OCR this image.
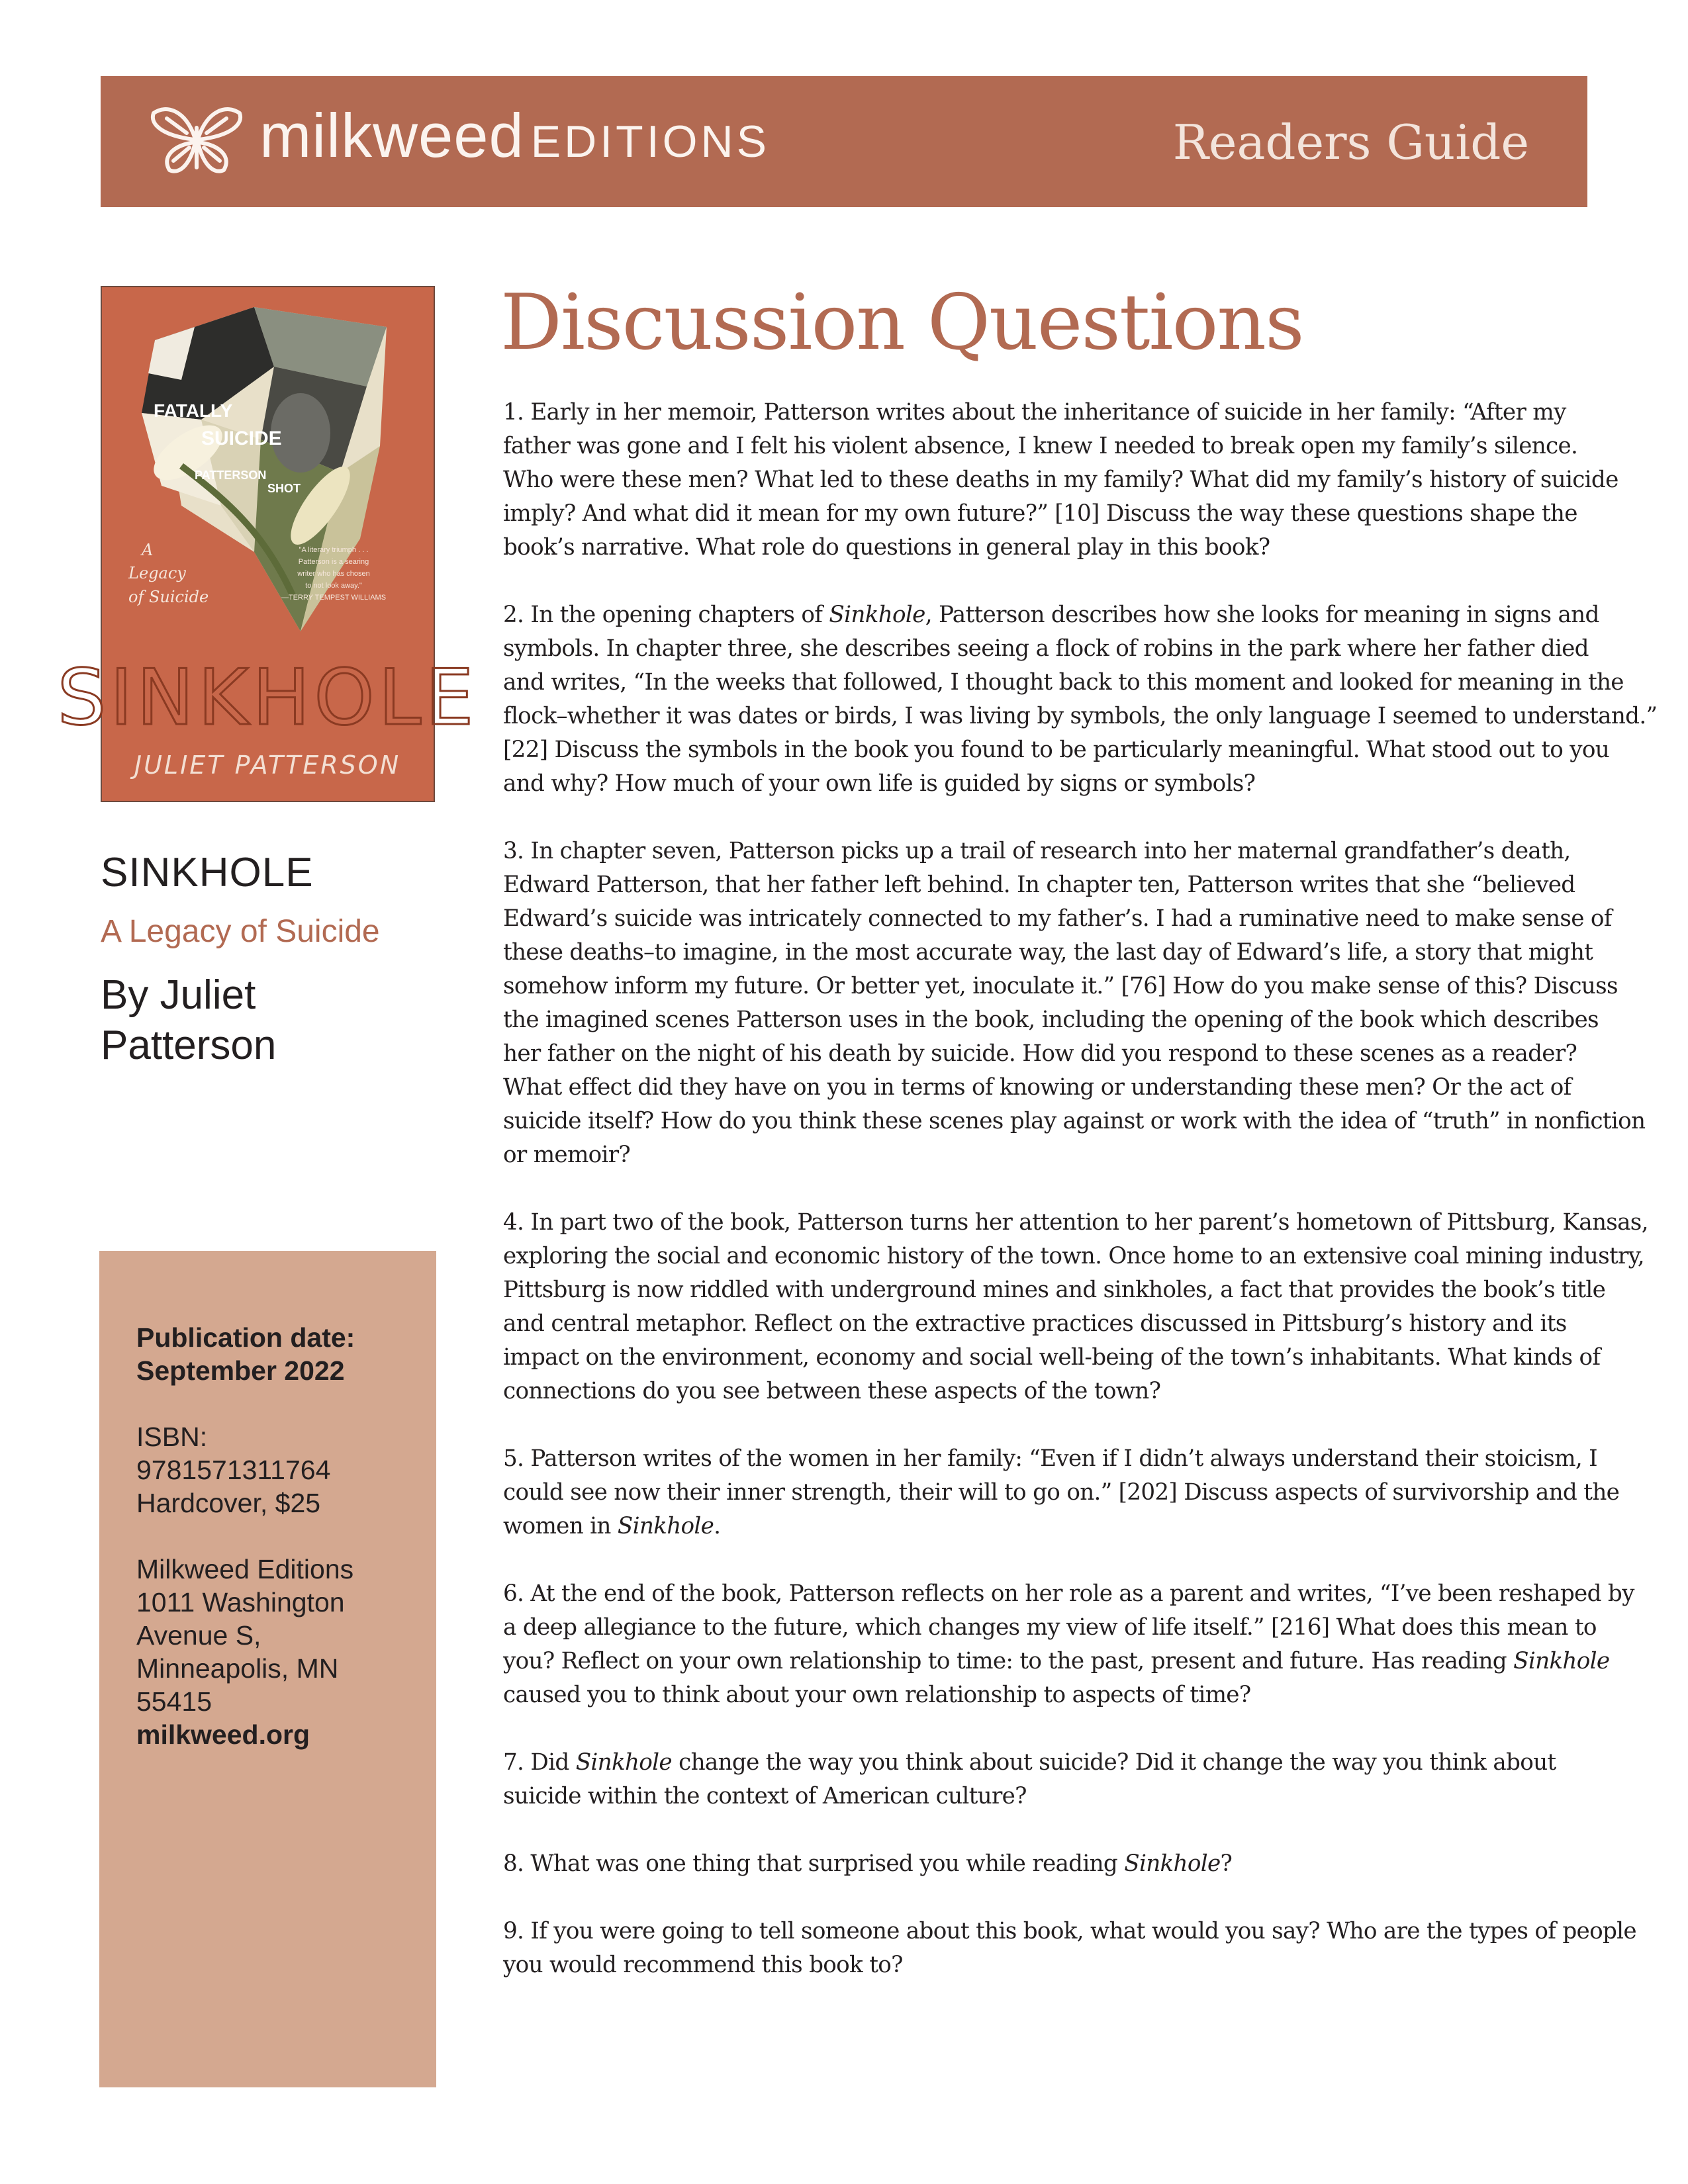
milkweed EDITIONS	Readers Guide
FATALLY
SUICIDE
PATTERSON
SHOT
A
Legacy
of Suicide
"A literary triumph . . .
Patterson is a searing
writer who has chosen
to not look away."
—TERRY TEMPEST WILLIAMS
SINKHOLE
JULIET PATTERSON
SINKHOLE
A Legacy of Suicide
By Juliet
Patterson
Publication date:
September 2022
ISBN:
9781571311764
Hardcover, $25
Milkweed Editions
1011 Washington
Avenue S,
Minneapolis, MN
55415
milkweed.org
Discussion Questions
1. Early in her memoir, Patterson writes about the inheritance of suicide in her family: “After my
father was gone and I felt his violent absence, I knew I needed to break open my family’s silence.
Who were these men? What led to these deaths in my family? What did my family’s history of suicide
imply? And what did it mean for my own future?” [10] Discuss the way these questions shape the
book’s narrative. What role do questions in general play in this book?
2. In the opening chapters of Sinkhole, Patterson describes how she looks for meaning in signs and
symbols. In chapter three, she describes seeing a flock of robins in the park where her father died
and writes, “In the weeks that followed, I thought back to this moment and looked for meaning in the
flock–whether it was dates or birds, I was living by symbols, the only language I seemed to understand.”
[22] Discuss the symbols in the book you found to be particularly meaningful. What stood out to you
and why? How much of your own life is guided by signs or symbols?
3. In chapter seven, Patterson picks up a trail of research into her maternal grandfather’s death,
Edward Patterson, that her father left behind. In chapter ten, Patterson writes that she “believed
Edward’s suicide was intricately connected to my father’s. I had a ruminative need to make sense of
these deaths–to imagine, in the most accurate way, the last day of Edward’s life, a story that might
somehow inform my future. Or better yet, inoculate it.” [76] How do you make sense of this? Discuss
the imagined scenes Patterson uses in the book, including the opening of the book which describes
her father on the night of his death by suicide. How did you respond to these scenes as a reader?
What effect did they have on you in terms of knowing or understanding these men? Or the act of
suicide itself? How do you think these scenes play against or work with the idea of “truth” in nonfiction
or memoir?
4. In part two of the book, Patterson turns her attention to her parent’s hometown of Pittsburg, Kansas,
exploring the social and economic history of the town. Once home to an extensive coal mining industry,
Pittsburg is now riddled with underground mines and sinkholes, a fact that provides the book’s title
and central metaphor. Reflect on the extractive practices discussed in Pittsburg’s history and its
impact on the environment, economy and social well-being of the town’s inhabitants. What kinds of
connections do you see between these aspects of the town?
5. Patterson writes of the women in her family: “Even if I didn’t always understand their stoicism, I
could see now their inner strength, their will to go on.” [202] Discuss aspects of survivorship and the
women in Sinkhole.
6. At the end of the book, Patterson reflects on her role as a parent and writes, “I’ve been reshaped by
a deep allegiance to the future, which changes my view of life itself.” [216] What does this mean to
you? Reflect on your own relationship to time: to the past, present and future. Has reading Sinkhole
caused you to think about your own relationship to aspects of time?
7. Did Sinkhole change the way you think about suicide? Did it change the way you think about
suicide within the context of American culture?
8. What was one thing that surprised you while reading Sinkhole?
9. If you were going to tell someone about this book, what would you say? Who are the types of people
you would recommend this book to?
